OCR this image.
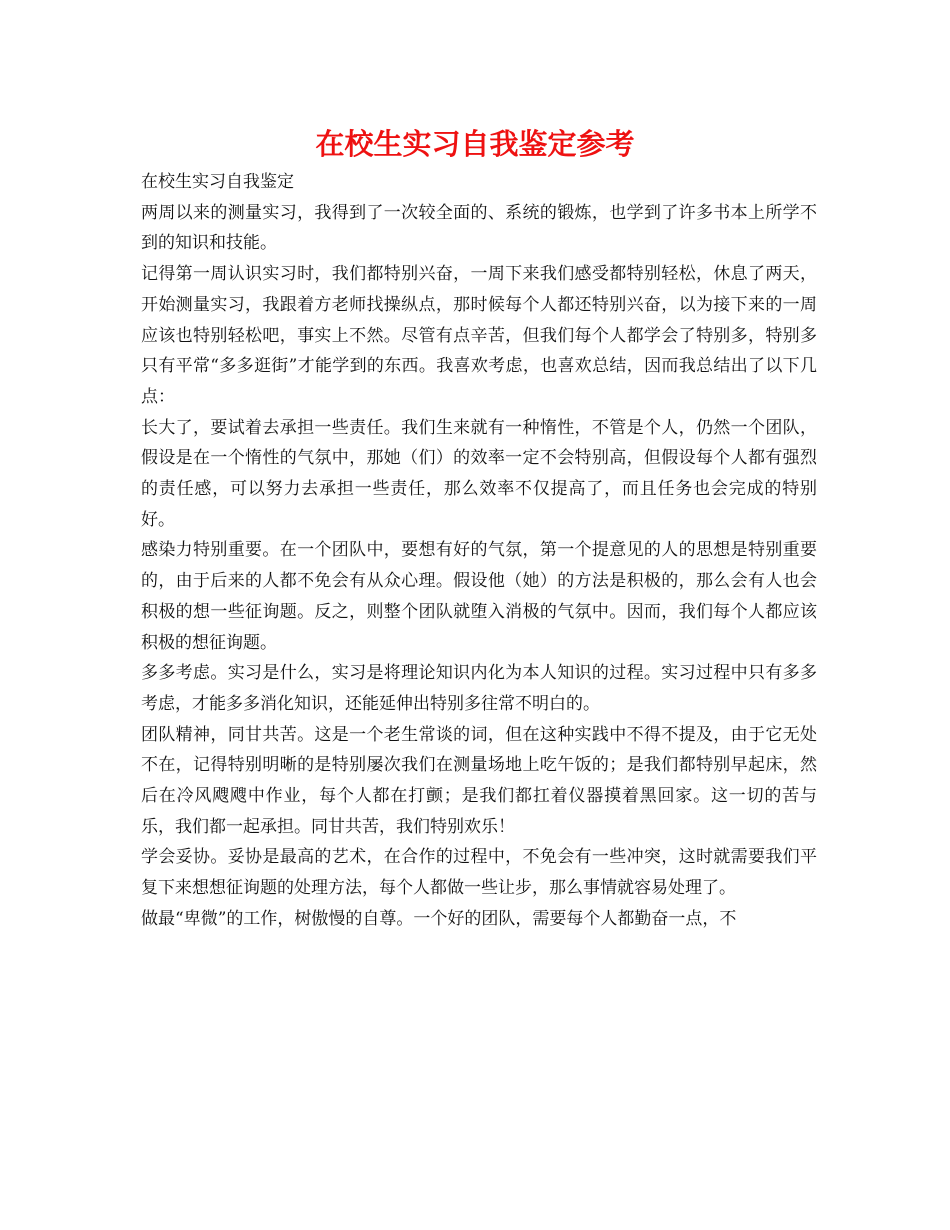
在校生实习自我鉴定参考

在校生实习自我鉴定

两周以来的测量实习，我得到了一次较全面的、系统的锻炼，也学到了许多书本上所学不到的知识和技能。

记得第一周认识实习时，我们都特别兴奋，一周下来我们感受都特别轻松，休息了两天，开始测量实习，我跟着方老师找操纵点，那时候每个人都还特别兴奋，以为接下来的一周应该也特别轻松吧，事实上不然。尽管有点辛苦，但我们每个人都学会了特别多，特别多只有平常“多多逛街”才能学到的东西。我喜欢考虑，也喜欢总结，因而我总结出了以下几点：

长大了，要试着去承担一些责任。我们生来就有一种惰性，不管是个人，仍然一个团队，假设是在一个惰性的气氛中，那她（们）的效率一定不会特别高，但假设每个人都有强烈的责任感，可以努力去承担一些责任，那么效率不仅提高了，而且任务也会完成的特别好。

感染力特别重要。在一个团队中，要想有好的气氛，第一个提意见的人的思想是特别重要的，由于后来的人都不免会有从众心理。假设他（她）的方法是积极的，那么会有人也会积极的想一些征询题。反之，则整个团队就堕入消极的气氛中。因而，我们每个人都应该积极的想征询题。

多多考虑。实习是什么，实习是将理论知识内化为本人知识的过程。实习过程中只有多多考虑，才能多多消化知识，还能延伸出特别多往常不明白的。

团队精神，同甘共苦。这是一个老生常谈的词，但在这种实践中不得不提及，由于它无处不在，记得特别明晰的是特别屡次我们在测量场地上吃午饭的；是我们都特别早起床，然后在冷风飕飕中作业，每个人都在打颤；是我们都扛着仪器摸着黑回家。这一切的苦与乐，我们都一起承担。同甘共苦，我们特别欢乐！

学会妥协。妥协是最高的艺术，在合作的过程中，不免会有一些冲突，这时就需要我们平复下来想想征询题的处理方法，每个人都做一些让步，那么事情就容易处理了。

做最“卑微”的工作，树傲慢的自尊。一个好的团队，需要每个人都勤奋一点，不
